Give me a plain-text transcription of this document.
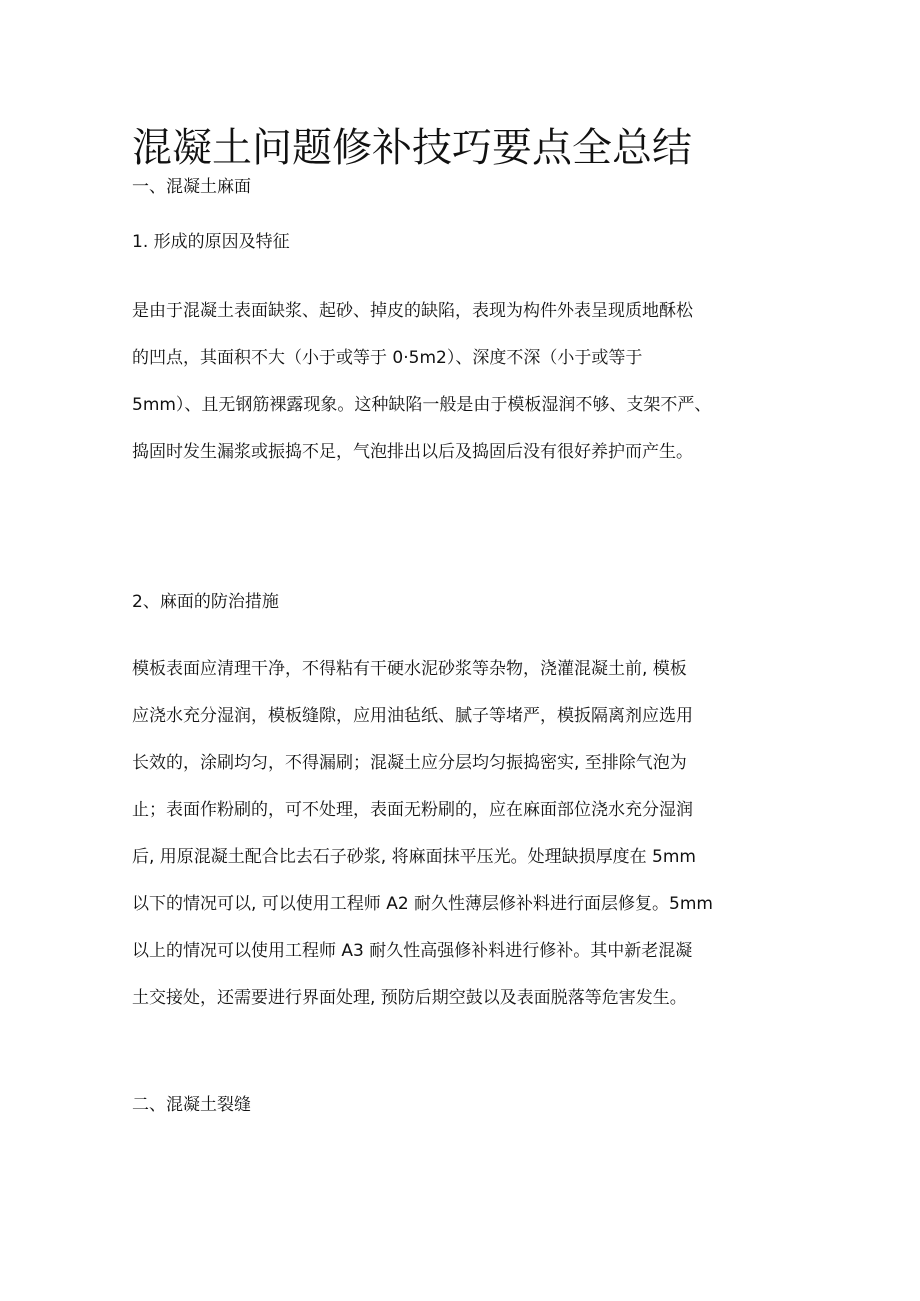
混凝土问题修补技巧要点全总结
一、混凝土麻面
1. 形成的原因及特征
是由于混凝土表面缺浆、起砂、掉皮的缺陷，表现为构件外表呈现质地酥松
的凹点，其面积不大（小于或等于 0·5m2）、深度不深（小于或等于
5mm）、且无钢筋裸露现象。这种缺陷一般是由于模板湿润不够、支架不严、
捣固时发生漏浆或振捣不足，气泡排出以后及捣固后没有很好养护而产生。
2、麻面的防治措施
模板表面应清理干净，不得粘有干硬水泥砂浆等杂物，浇灌混凝土前, 模板
应浇水充分湿润，模板缝隙，应用油毡纸、腻子等堵严，模扳隔离剂应选用
长效的，涂刷均匀，不得漏刷；混凝土应分层均匀振捣密实, 至排除气泡为
止；表面作粉刷的，可不处理，表面无粉刷的，应在麻面部位浇水充分湿润
后, 用原混凝土配合比去石子砂浆, 将麻面抹平压光。处理缺损厚度在 5mm
以下的情况可以, 可以使用工程师 A2 耐久性薄层修补料进行面层修复。5mm
以上的情况可以使用工程师 A3 耐久性高强修补料进行修补。其中新老混凝
土交接处，还需要进行界面处理, 预防后期空鼓以及表面脱落等危害发生。
二、混凝土裂缝
